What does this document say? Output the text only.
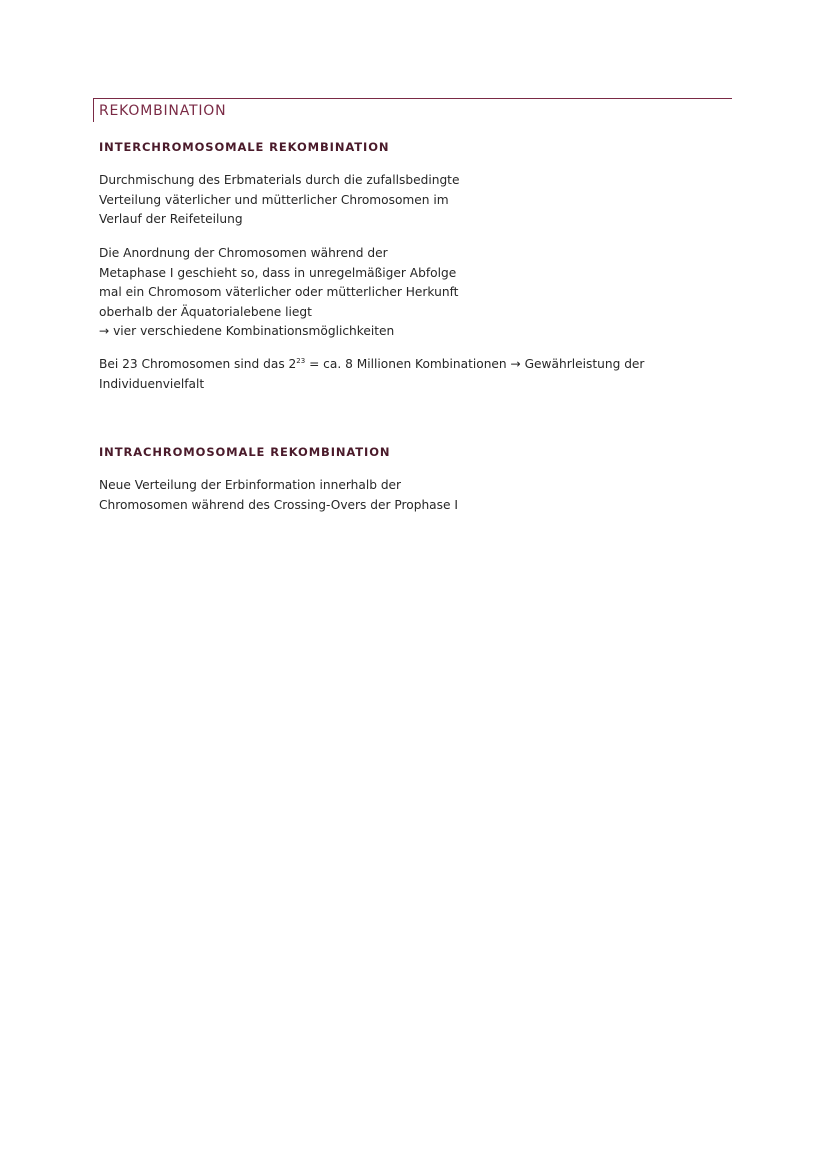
REKOMBINATION
INTERCHROMOSOMALE REKOMBINATION

Durchmischung des Erbmaterials durch die zufallsbedingte
Verteilung väterlicher und mütterlicher Chromosomen im
Verlauf der Reifeteilung

Die Anordnung der Chromosomen während der
Metaphase I geschieht so, dass in unregelmäßiger Abfolge
mal ein Chromosom väterlicher oder mütterlicher Herkunft
oberhalb der Äquatorialebene liegt
→ vier verschiedene Kombinationsmöglichkeiten

Bei 23 Chromosomen sind das $2^{23}$ = ca. 8 Millionen Kombinationen → Gewährleistung der
Individuenvielfalt

INTRACHROMOSOMALE REKOMBINATION

Neue Verteilung der Erbinformation innerhalb der
Chromosomen während des Crossing-Overs der Prophase I
